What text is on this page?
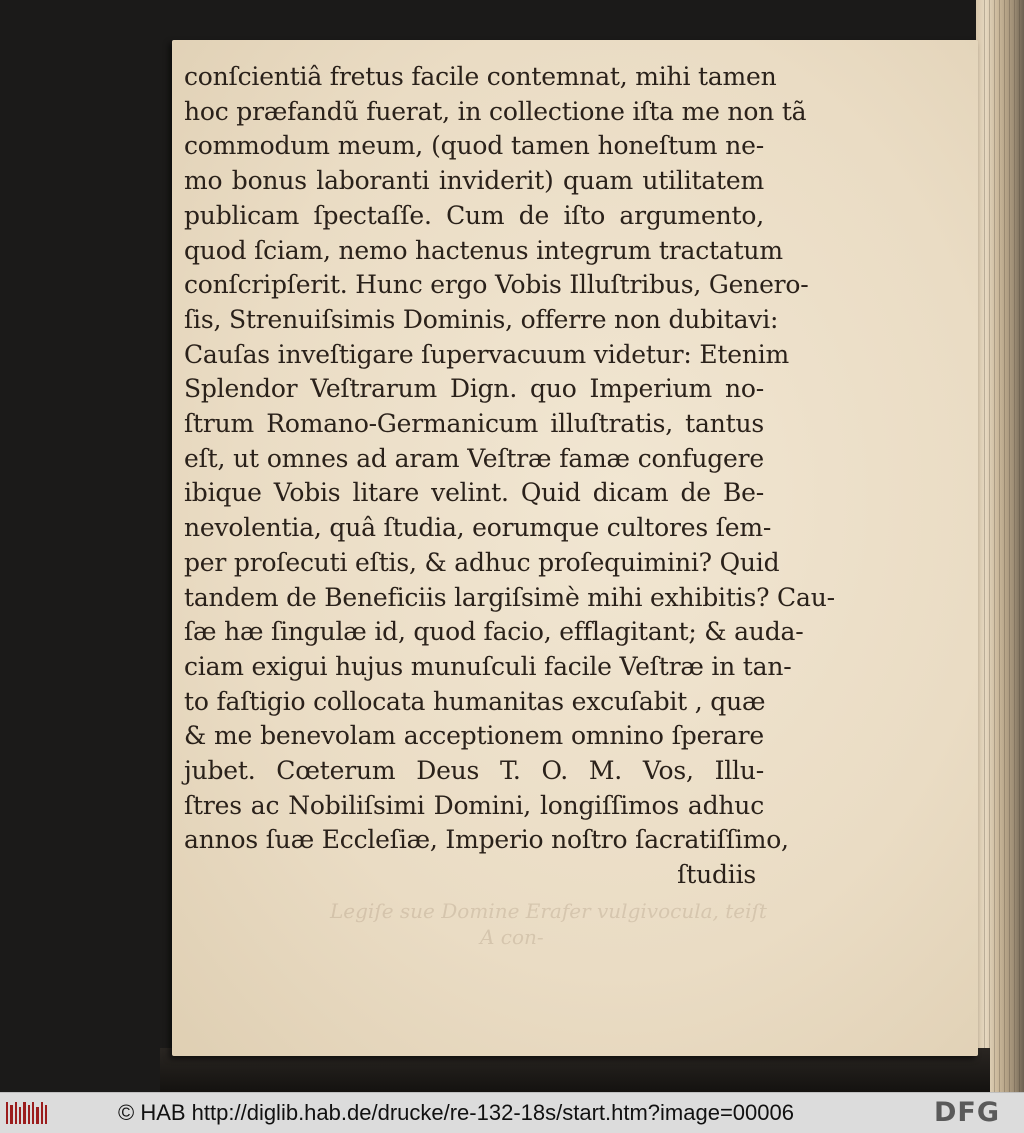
Legiſe sue Domine Erafer vulgivocula, teiſt
A con-
conſcientiâ fretus facile contemnat, mihi tamen
hoc præfandũ fuerat, in collectione iſta me non tã
commodum meum, (quod tamen honeſtum ne-
mo bonus laboranti inviderit) quam utilitatem
publicam ſpectaſſe. Cum de iſto argumento,
quod ſciam, nemo hactenus integrum tractatum
conſcripſerit. Hunc ergo Vobis Illuſtribus, Genero-
ſis, Strenuiſsimis Dominis, offerre non dubitavi:
Cauſas inveſtigare ſupervacuum videtur: Etenim
Splendor Veſtrarum Dign. quo Imperium no-
ſtrum Romano-Germanicum illuſtratis, tantus
eſt, ut omnes ad aram Veſtræ famæ confugere
ibique Vobis litare velint. Quid dicam de Be-
nevolentia, quâ ſtudia, eorumque cultores ſem-
per proſecuti eſtis, & adhuc proſequimini? Quid
tandem de Beneficiis largiſsimè mihi exhibitis? Cau-
ſæ hæ ſingulæ id, quod facio, efflagitant; & auda-
ciam exigui hujus munuſculi facile Veſtræ in tan-
to faſtigio collocata humanitas excuſabit , quæ
& me benevolam acceptionem omnino ſperare
jubet. Cœterum Deus T. O. M. Vos, Illu-
ſtres ac Nobiliſsimi Domini, longiſſimos adhuc
annos ſuæ Eccleſiæ, Imperio noſtro ſacratiſſimo,
ſtudiis
© HAB http://diglib.hab.de/drucke/re-132-18s/start.htm?image=00006	DFG
